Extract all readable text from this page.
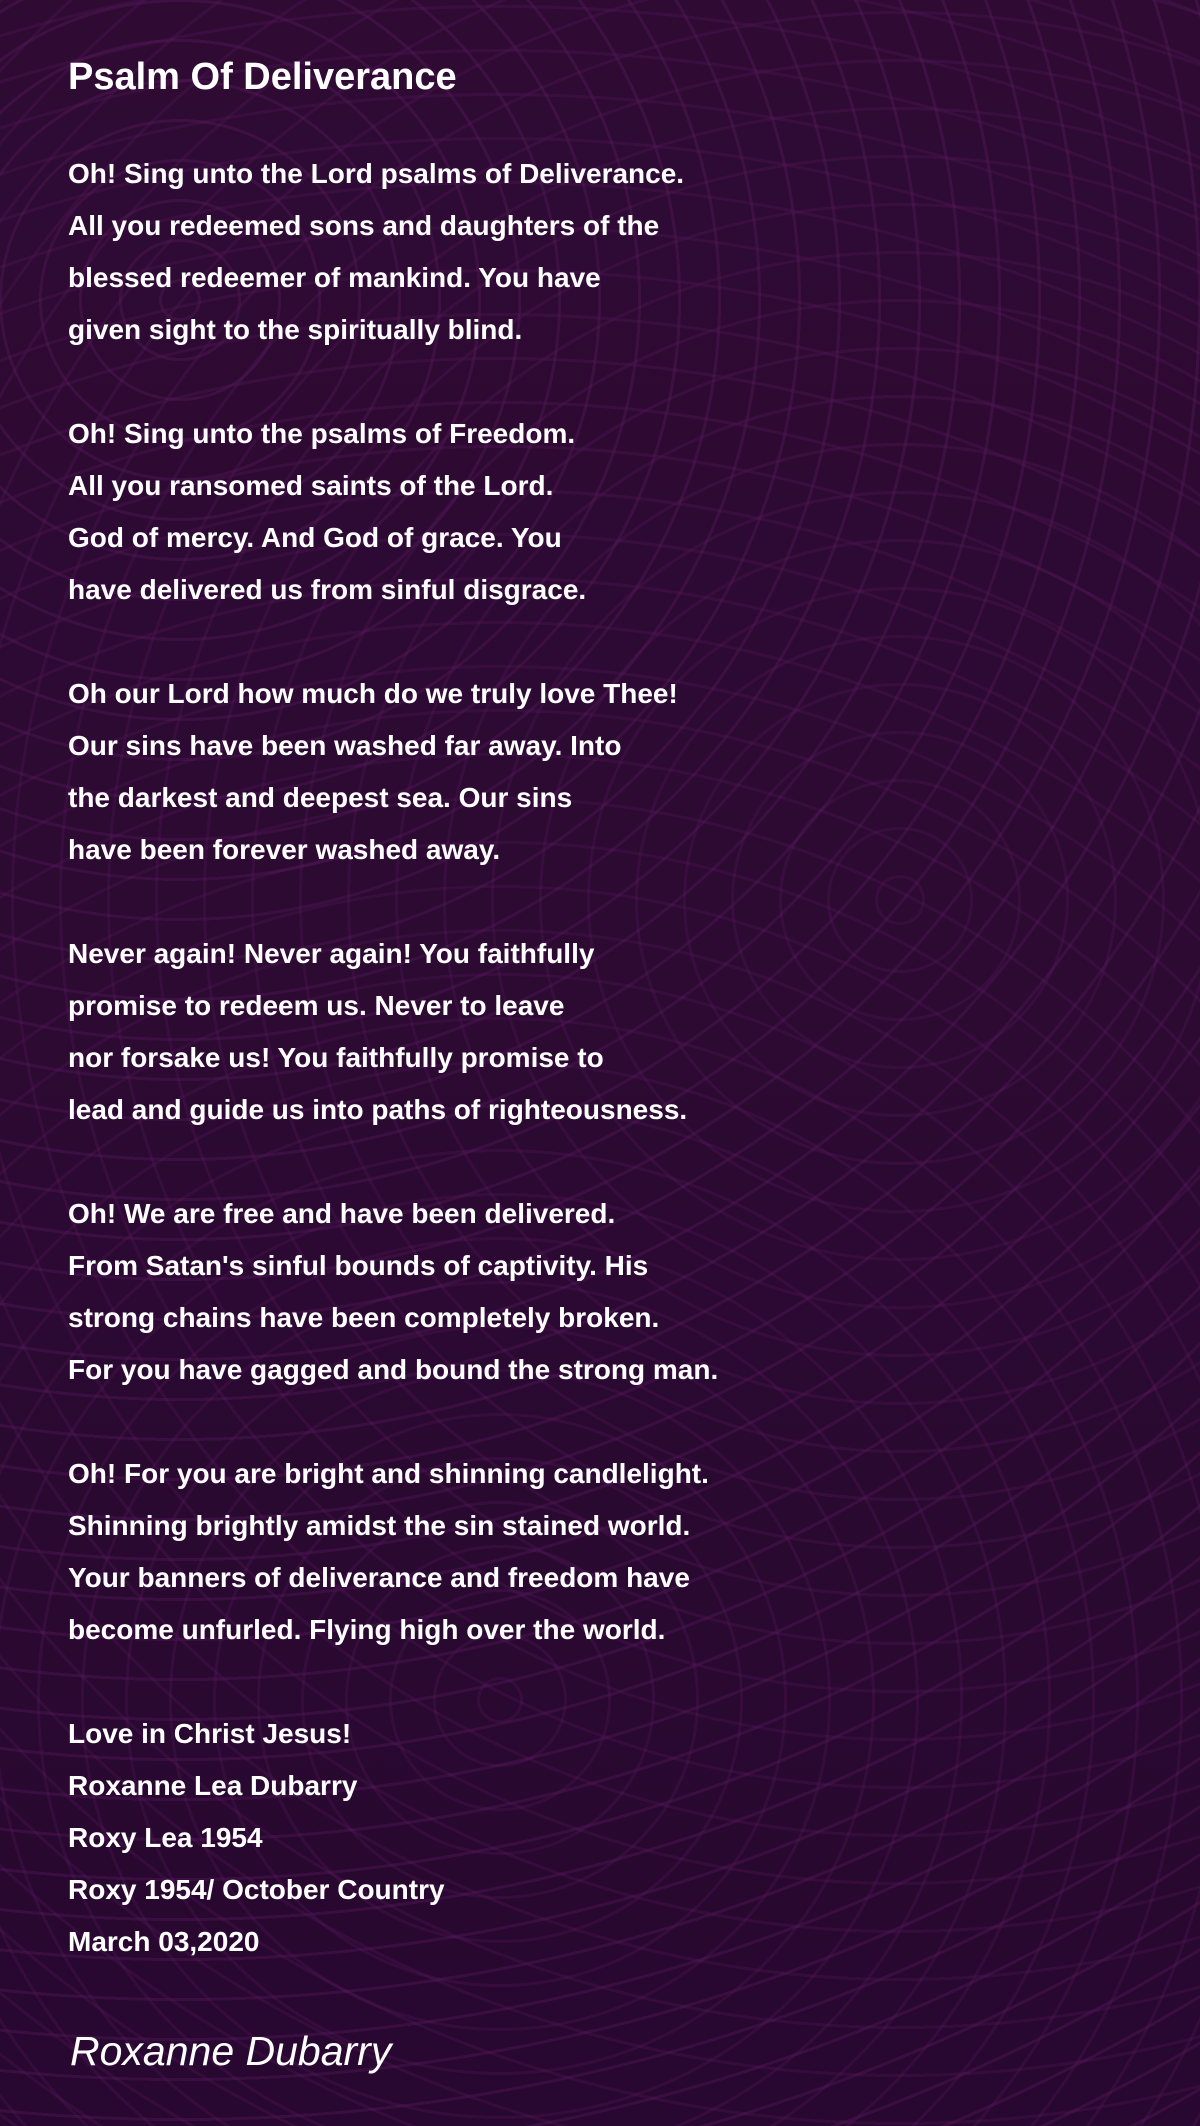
Psalm Of Deliverance
Oh! Sing unto the Lord psalms of Deliverance.
All you redeemed sons and daughters of the
blessed redeemer of mankind. You have
given sight to the spiritually blind.
Oh! Sing unto the psalms of Freedom.
All you ransomed saints of the Lord.
God of mercy. And God of grace. You
have delivered us from sinful disgrace.
Oh our Lord how much do we truly love Thee!
Our sins have been washed far away. Into
the darkest and deepest sea. Our sins
have been forever washed away.
Never again! Never again! You faithfully
promise to redeem us. Never to leave
nor forsake us! You faithfully promise to
lead and guide us into paths of righteousness.
Oh! We are free and have been delivered.
From Satan's sinful bounds of captivity. His
strong chains have been completely broken.
For you have gagged and bound the strong man.
Oh! For you are bright and shinning candlelight.
Shinning brightly amidst the sin stained world.
Your banners of deliverance and freedom have
become unfurled. Flying high over the world.
Love in Christ Jesus!
Roxanne Lea Dubarry
Roxy Lea 1954
Roxy 1954/ October Country
March 03,2020
Roxanne Dubarry
